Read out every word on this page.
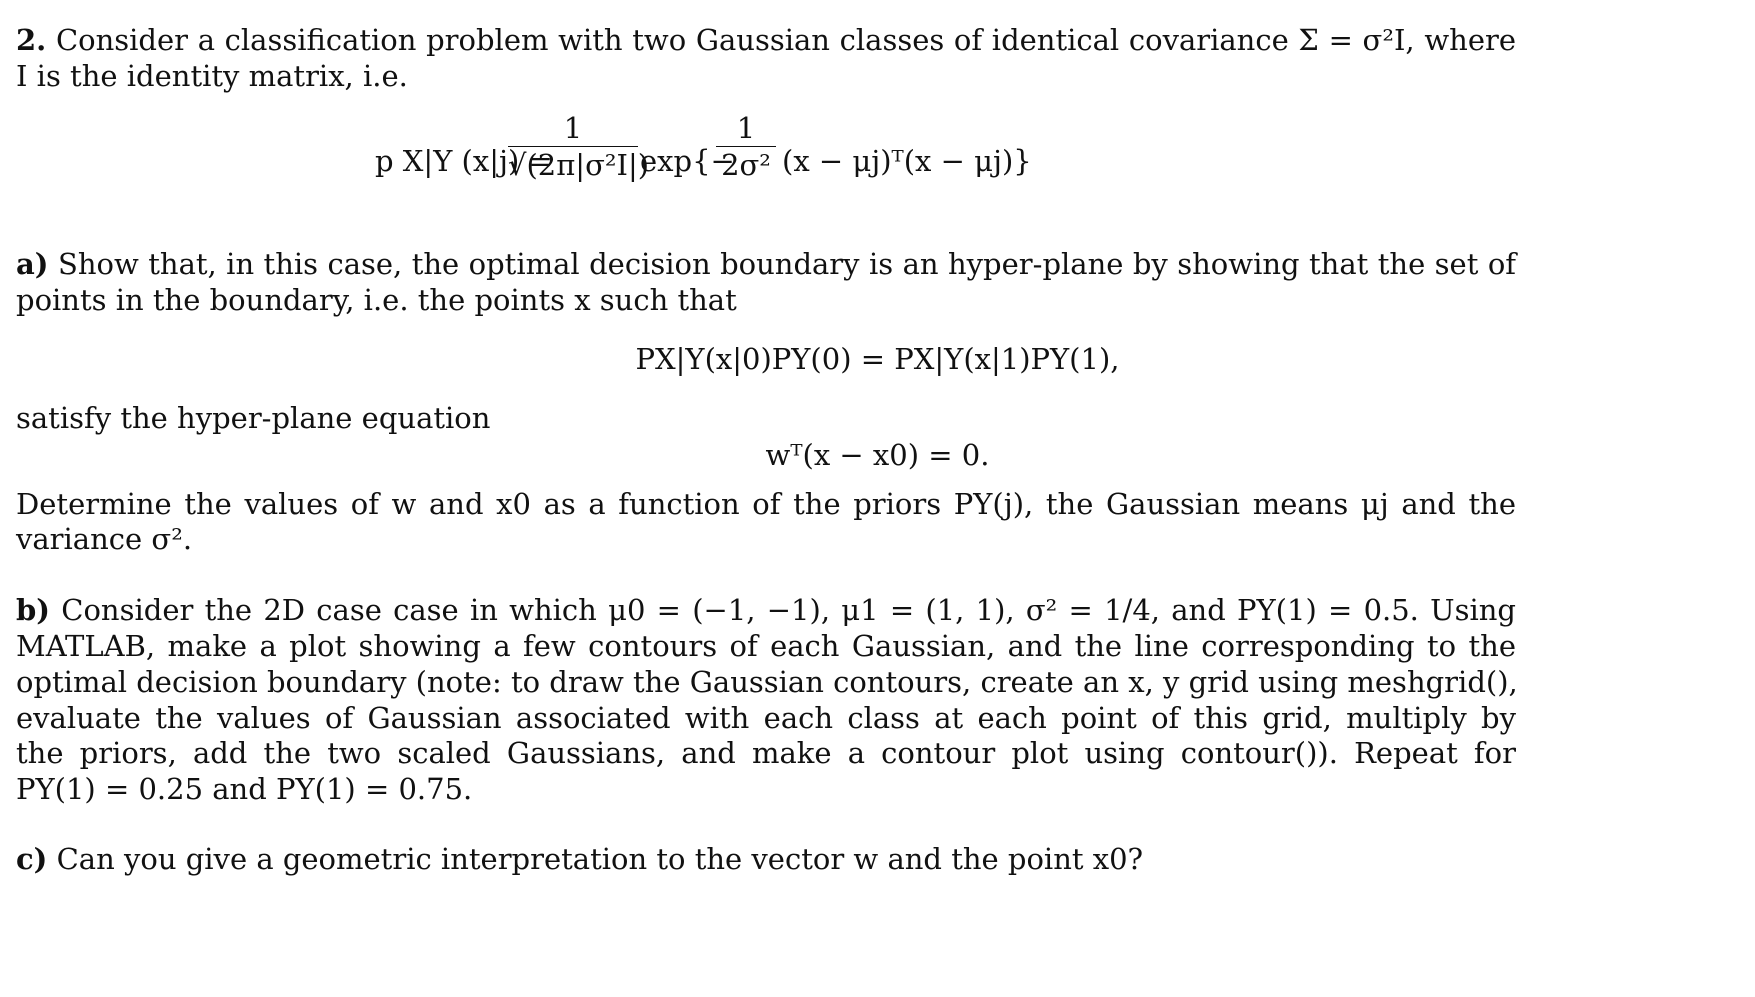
2. Consider a classification problem with two Gaussian classes of identical covariance Σ = σ²I, where
I is the identity matrix, i.e.
p X|Y (x|j) =
1
√(2π|σ²I|)
exp{−
1
2σ² (x − μj)ᵀ(x − μj)}
a) Show that, in this case, the optimal decision boundary is an hyper-plane by showing that the set of
points in the boundary, i.e. the points x such that
PX|Y(x|0)PY(0) = PX|Y(x|1)PY(1),
satisfy the hyper-plane equation
wᵀ(x − x0) = 0.
Determine the values of w and x0 as a function of the priors PY(j), the Gaussian means μj and the
variance σ².
b) Consider the 2D case case in which μ0 = (−1, −1), μ1 = (1, 1), σ² = 1/4, and PY(1) = 0.5. Using
MATLAB, make a plot showing a few contours of each Gaussian, and the line corresponding to the
optimal decision boundary (note: to draw the Gaussian contours, create an x, y grid using meshgrid(),
evaluate the values of Gaussian associated with each class at each point of this grid, multiply by
the priors, add the two scaled Gaussians, and make a contour plot using contour()). Repeat for
PY(1) = 0.25 and PY(1) = 0.75.
c) Can you give a geometric interpretation to the vector w and the point x0?
